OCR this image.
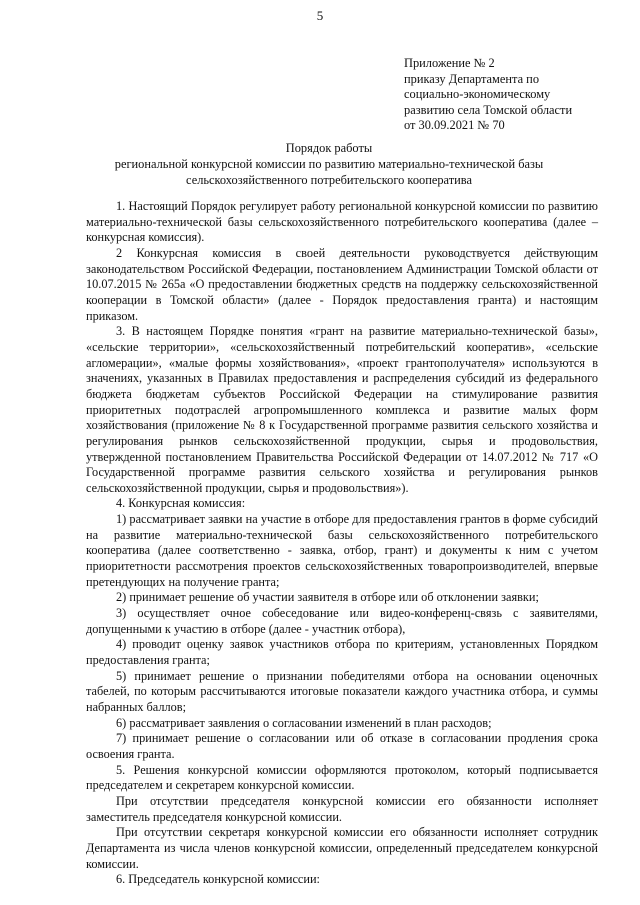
5
Приложение № 2
приказу Департамента по
социально-экономическому
развитию села Томской области
от 30.09.2021 № 70
Порядок работы
региональной конкурсной комиссии по развитию материально-технической базы
сельскохозяйственного потребительского кооператива

1. Настоящий Порядок регулирует работу региональной конкурсной комиссии по развитию материально-технической базы сельскохозяйственного потребительского кооператива (далее – конкурсная комиссия).

2 Конкурсная комиссия в своей деятельности руководствуется действующим законодательством Российской Федерации, постановлением Администрации Томской области от 10.07.2015 № 265а «О предоставлении бюджетных средств на поддержку сельскохозяйственной кооперации в Томской области» (далее - Порядок предоставления гранта) и настоящим приказом.

3. В настоящем Порядке понятия «грант на развитие материально-технической базы», «сельские территории», «сельскохозяйственный потребительский кооператив», «сельские агломерации», «малые формы хозяйствования», «проект грантополучателя» используются в значениях, указанных в Правилах предоставления и распределения субсидий из федерального бюджета бюджетам субъектов Российской Федерации на стимулирование развития приоритетных подотраслей агропромышленного комплекса и развитие малых форм хозяйствования (приложение № 8 к Государственной программе развития сельского хозяйства и регулирования рынков сельскохозяйственной продукции, сырья и продовольствия, утвержденной постановлением Правительства Российской Федерации от 14.07.2012 № 717 «О Государственной программе развития сельского хозяйства и регулирования рынков сельскохозяйственной продукции, сырья и продовольствия»).

4. Конкурсная комиссия:

1) рассматривает заявки на участие в отборе для предоставления грантов в форме субсидий на развитие материально-технической базы сельскохозяйственного потребительского кооператива (далее соответственно - заявка, отбор, грант) и документы к ним с учетом приоритетности рассмотрения проектов сельскохозяйственных товаропроизводителей, впервые претендующих на получение гранта;

2) принимает решение об участии заявителя в отборе или об отклонении заявки;

3) осуществляет очное собеседование или видео-конференц-связь с заявителями, допущенными к участию в отборе (далее - участник отбора),

4) проводит оценку заявок участников отбора по критериям, установленных Порядком предоставления гранта;

5) принимает решение о признании победителями отбора на основании оценочных табелей, по которым рассчитываются итоговые показатели каждого участника отбора, и суммы набранных баллов;

6) рассматривает заявления о согласовании изменений в план расходов;

7) принимает решение о согласовании или об отказе в согласовании продления срока освоения гранта.

5. Решения конкурсной комиссии оформляются протоколом, который подписывается председателем и секретарем конкурсной комиссии.

При отсутствии председателя конкурсной комиссии его обязанности исполняет заместитель председателя конкурсной комиссии.

При отсутствии секретаря конкурсной комиссии его обязанности исполняет сотрудник Департамента из числа членов конкурсной комиссии, определенный председателем конкурсной комиссии.

6. Председатель конкурсной комиссии:
